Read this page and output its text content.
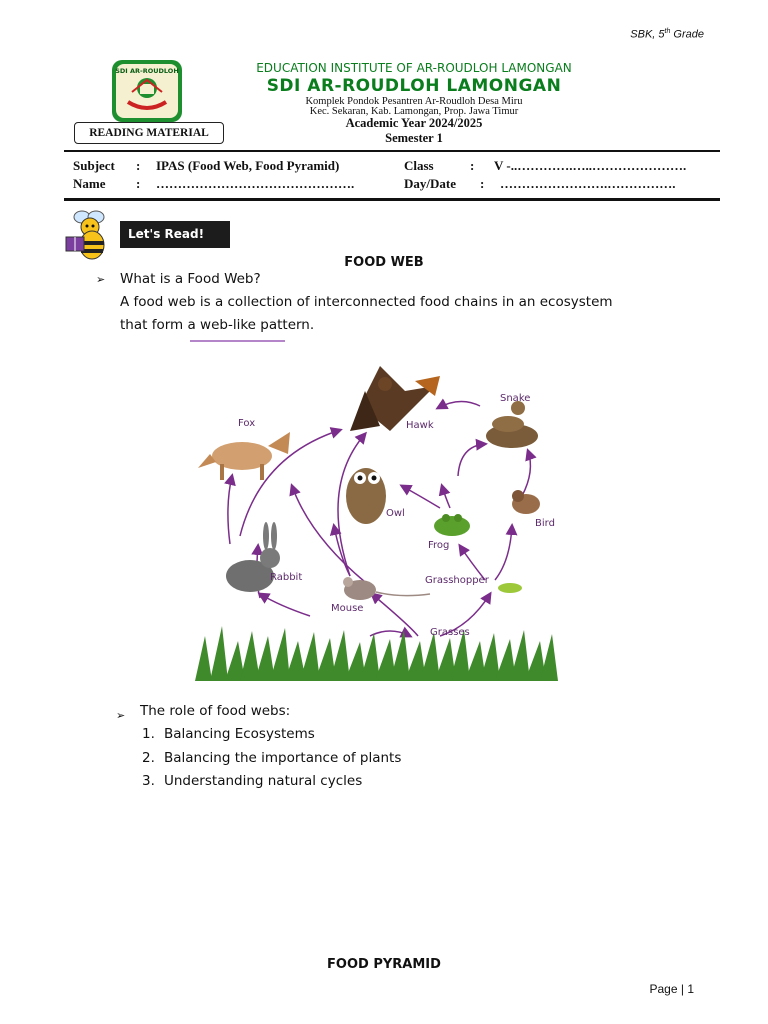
SBK, 5th Grade
SDI AR-ROUDLOH	EDUCATION INSTITUTE OF AR-ROUDLOH LAMONGAN
SDI AR-ROUDLOH LAMONGAN
Komplek Pondok Pesantren Ar-Roudloh Desa Miru
Kec. Sekaran, Kab. Lamongan, Prop. Jawa Timur
Academic Year 2024/2025
Semester 1
READING MATERIAL
Subject : IPAS (Food Web, Food Pyramid)	Class	: V -..………….…..………………….
Name : ……………………………………….	Day/Date : …………………….…………….
Let's Read!
FOOD WEB
➢ What is a Food Web?
A food web is a collection of interconnected food chains in an ecosystem
that form a web-like pattern.
Fox	Hawk
Snake
Owl
Bird
Frog
Rabbit	Grasshopper
Mouse
Grasses
➢ The role of food webs:
1. Balancing Ecosystems
2. Balancing the importance of plants
3. Understanding natural cycles
FOOD PYRAMID
Page | 1
